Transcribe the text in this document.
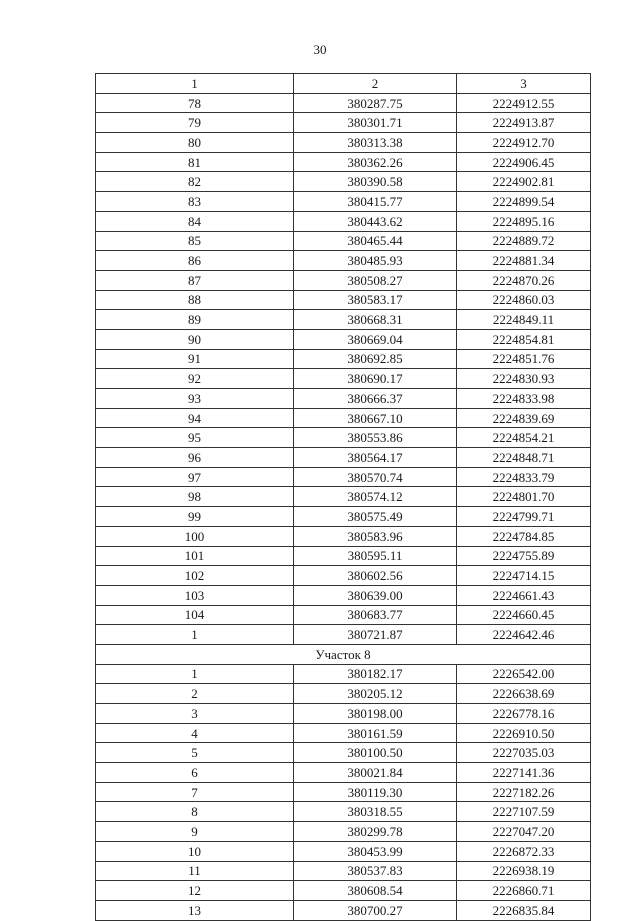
30
1	2	3
78	380287.75	2224912.55
79	380301.71	2224913.87
80	380313.38	2224912.70
81	380362.26	2224906.45
82	380390.58	2224902.81
83	380415.77	2224899.54
84	380443.62	2224895.16
85	380465.44	2224889.72
86	380485.93	2224881.34
87	380508.27	2224870.26
88	380583.17	2224860.03
89	380668.31	2224849.11
90	380669.04	2224854.81
91	380692.85	2224851.76
92	380690.17	2224830.93
93	380666.37	2224833.98
94	380667.10	2224839.69
95	380553.86	2224854.21
96	380564.17	2224848.71
97	380570.74	2224833.79
98	380574.12	2224801.70
99	380575.49	2224799.71
100	380583.96	2224784.85
101	380595.11	2224755.89
102	380602.56	2224714.15
103	380639.00	2224661.43
104	380683.77	2224660.45
1	380721.87	2224642.46
Участок 8		
1	380182.17	2226542.00
2	380205.12	2226638.69
3	380198.00	2226778.16
4	380161.59	2226910.50
5	380100.50	2227035.03
6	380021.84	2227141.36
7	380119.30	2227182.26
8	380318.55	2227107.59
9	380299.78	2227047.20
10	380453.99	2226872.33
11	380537.83	2226938.19
12	380608.54	2226860.71
13	380700.27	2226835.84
